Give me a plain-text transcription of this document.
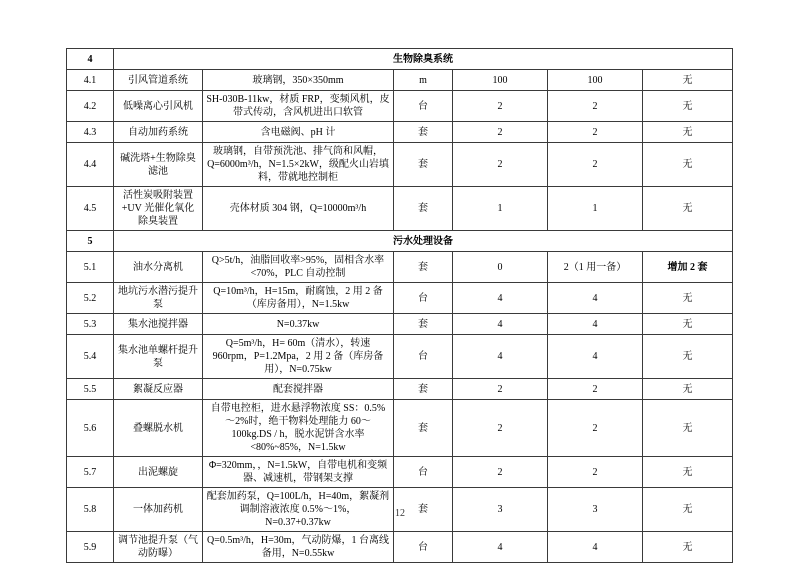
4	生物除臭系统					
4.1	引风管道系统	玻璃钢，350×350mm	m	100	100	无
4.2	低噪离心引风机	SH-030B-11kw，材质 FRP，变频风机，皮带式传动，含风机进出口软管	台	2	2	无
4.3	自动加药系统	含电磁阀、pH 计	套	2	2	无
4.4	碱洗塔+生物除臭滤池	玻璃钢，自带预洗池、排气筒和风帽，Q=6000m³/h，N=1.5×2kW，级配火山岩填料，带就地控制柜	套	2	2	无
4.5	活性炭吸附装置+UV 光催化氧化除臭装置	壳体材质 304 钢，Q=10000m³/h	套	1	1	无
5	污水处理设备					
5.1	油水分离机	Q>5t/h，油脂回收率>95%，固相含水率<70%，PLC 自动控制	套	0	2（1 用一备）	增加 2 套
5.2	地坑污水潜污提升泵	Q=10m³/h，H=15m，耐腐蚀，2 用 2 备（库房备用），N=1.5kw	台	4	4	无
5.3	集水池搅拌器	N=0.37kw	套	4	4	无
5.4	集水池单螺杆提升泵	Q=5m³/h，H= 60m（清水），转速 960rpm，P=1.2Mpa，2 用 2 备（库房备用），N=0.75kw	台	4	4	无
5.5	絮凝反应器	配套搅拌器	套	2	2	无
5.6	叠螺脱水机	自带电控柜，进水悬浮物浓度 SS：0.5%～2%时，绝干物料处理能力 60～100kg.DS / h，脱水泥饼含水率<80%~85%，N=1.5kw	套	2	2	无
5.7	出泥螺旋	Φ=320mm，，N=1.5kW，自带电机和变频器、减速机，带钢架支撑	台	2	2	无
5.8	一体加药机	配套加药泵，Q=100L/h，H=40m，絮凝剂调制溶液浓度 0.5%～1%， N=0.37+0.37kw	套	3	3	无
5.9	调节池提升泵（气动防曝）	Q=0.5m³/h，H=30m，气动防爆，1 台离线备用，N=0.55kw	台	4	4	无
12
